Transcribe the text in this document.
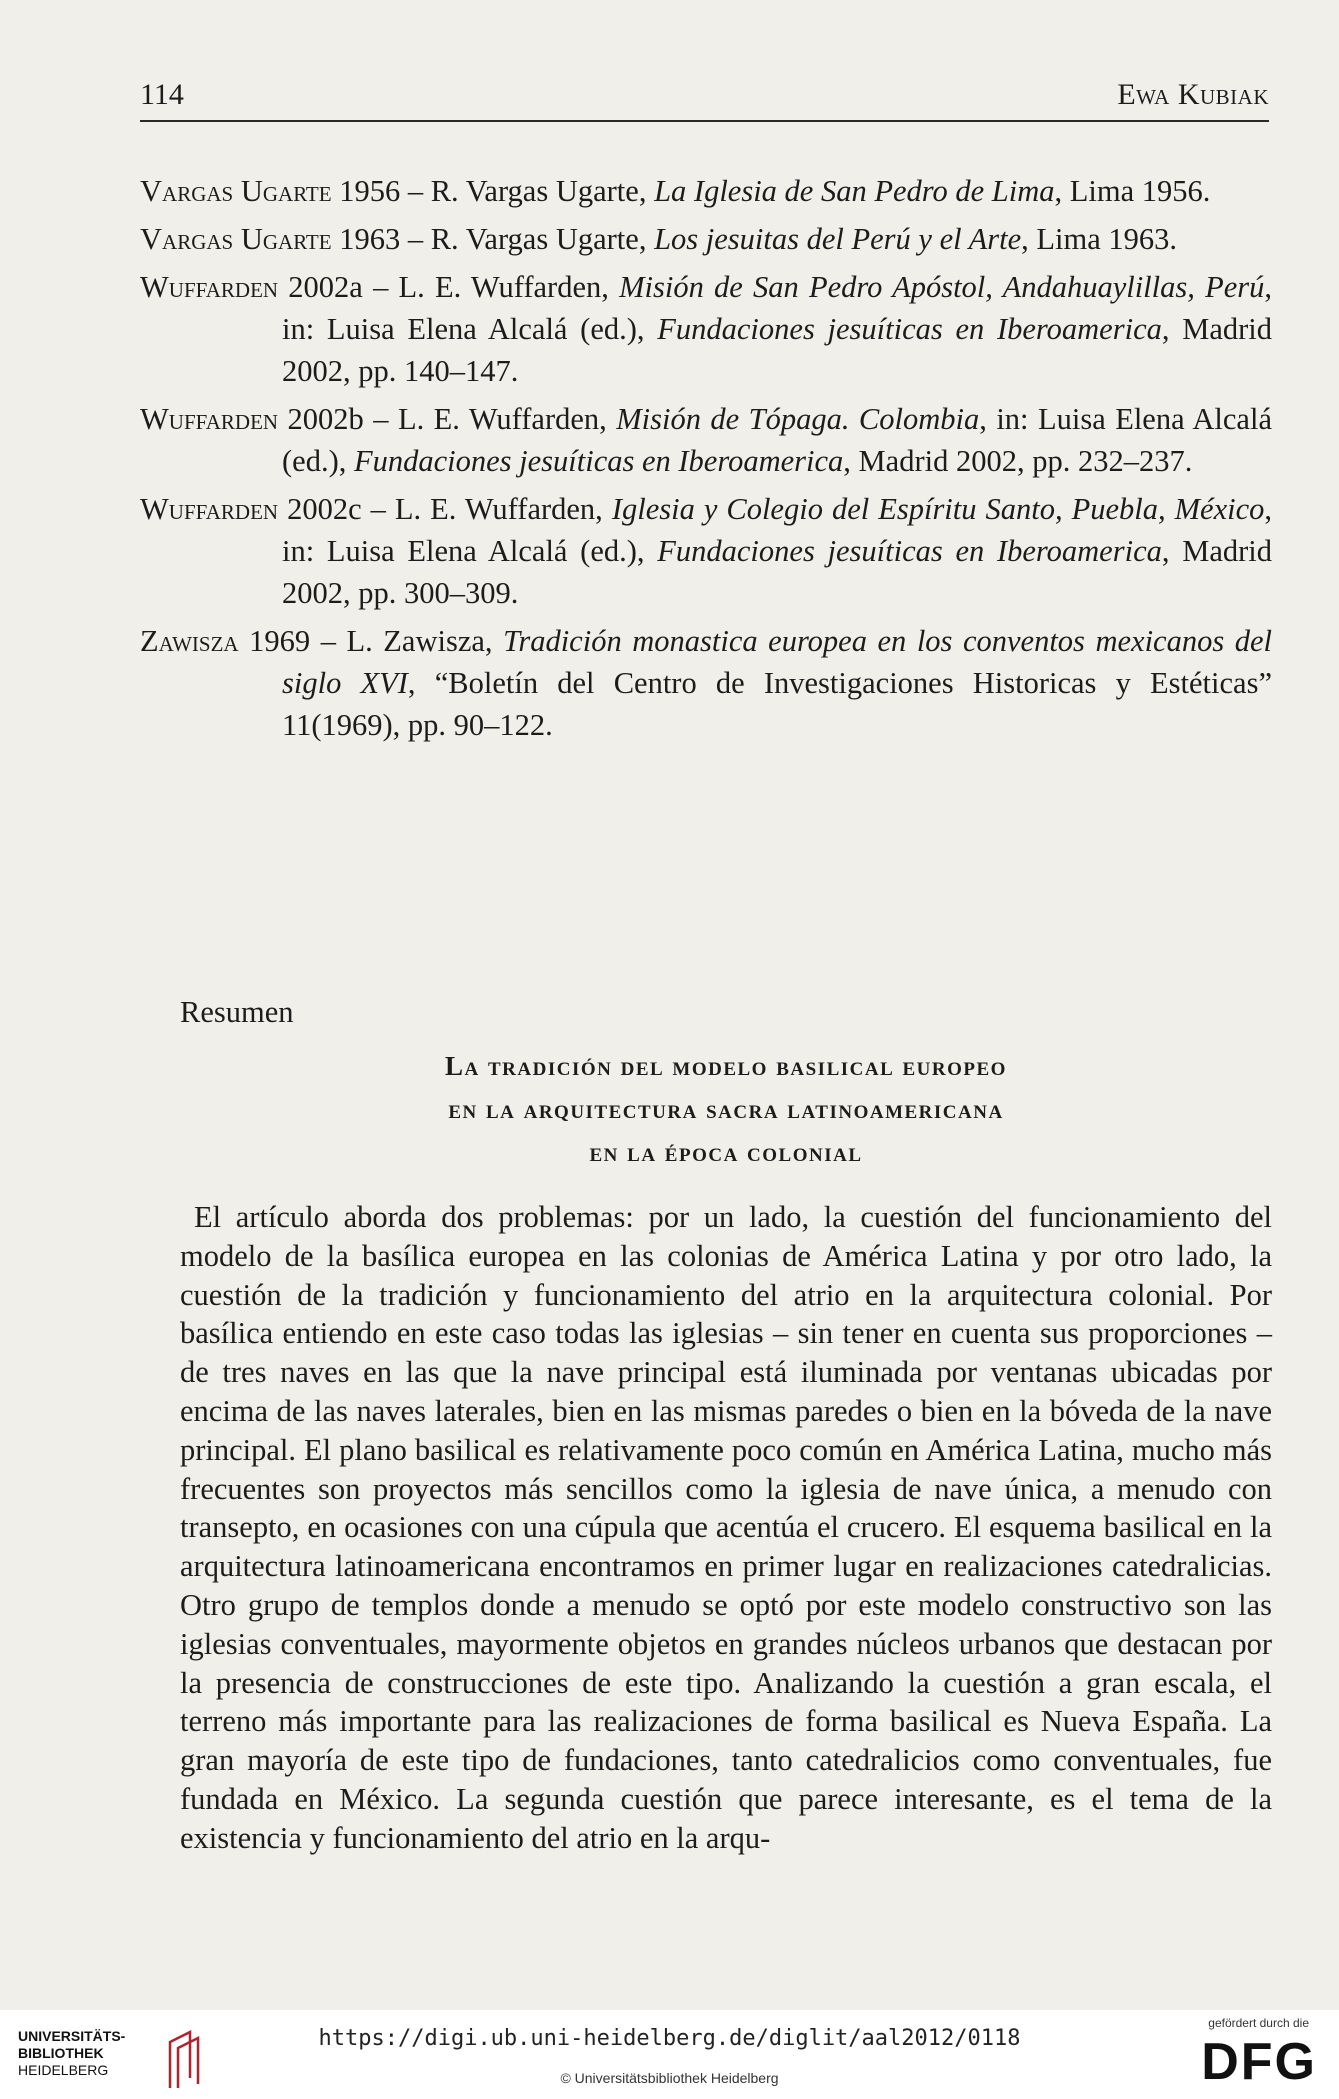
114	Ewa Kubiak
Vargas Ugarte 1956 – R. Vargas Ugarte, La Iglesia de San Pedro de Lima, Lima 1956.
Vargas Ugarte 1963 – R. Vargas Ugarte, Los jesuitas del Perú y el Arte, Lima 1963.
Wuffarden 2002a – L. E. Wuffarden, Misión de San Pedro Apóstol, Andahuaylillas, Perú, in: Luisa Elena Alcalá (ed.), Fundaciones jesuíticas en Iberoamerica, Madrid 2002, pp. 140–147.
Wuffarden 2002b – L. E. Wuffarden, Misión de Tópaga. Colombia, in: Luisa Elena Alcalá (ed.), Fundaciones jesuíticas en Iberoamerica, Madrid 2002, pp. 232–237.
Wuffarden 2002c – L. E. Wuffarden, Iglesia y Colegio del Espíritu Santo, Puebla, México, in: Luisa Elena Alcalá (ed.), Fundaciones jesuíticas en Iberoamerica, Madrid 2002, pp. 300–309.
Zawisza 1969 – L. Zawisza, Tradición monastica europea en los conventos mexicanos del siglo XVI, “Boletín del Centro de Investigaciones Historicas y Estéticas” 11(1969), pp. 90–122.
Resumen
La tradición del modelo basilical europeo
en la arquitectura sacra latinoamericana
en la época colonial
El artículo aborda dos problemas: por un lado, la cuestión del funcionamiento del modelo de la basílica europea en las colonias de América Latina y por otro lado, la cuestión de la tradición y funcionamiento del atrio en la arquitectura colonial. Por basílica entiendo en este caso todas las iglesias – sin tener en cuenta sus proporciones – de tres naves en las que la nave principal está iluminada por ventanas ubicadas por encima de las naves laterales, bien en las mismas paredes o bien en la bóveda de la nave principal. El plano basilical es relativamente poco común en América Latina, mucho más frecuentes son proyectos más sencillos como la iglesia de nave única, a menudo con transepto, en ocasiones con una cúpula que acentúa el crucero. El esquema basilical en la arquitectura latinoamericana encontramos en primer lugar en realizaciones catedralicias. Otro grupo de templos donde a menudo se optó por este modelo constructivo son las iglesias conventuales, mayormente objetos en grandes núcleos urbanos que destacan por la presencia de construcciones de este tipo. Analizando la cuestión a gran escala, el terreno más importante para las realizaciones de forma basilical es Nueva España. La gran mayoría de este tipo de fundaciones, tanto catedralicios como conventuales, fue fundada en México. La segunda cuestión que parece interesante, es el tema de la existencia y funcionamiento del atrio en la arqu-
UNIVERSITÄTS-
BIBLIOTHEK
HEIDELBERG
https://digi.ub.uni-heidelberg.de/diglit/aal2012/0118
© Universitätsbibliothek Heidelberg
gefördert durch die
DFG
